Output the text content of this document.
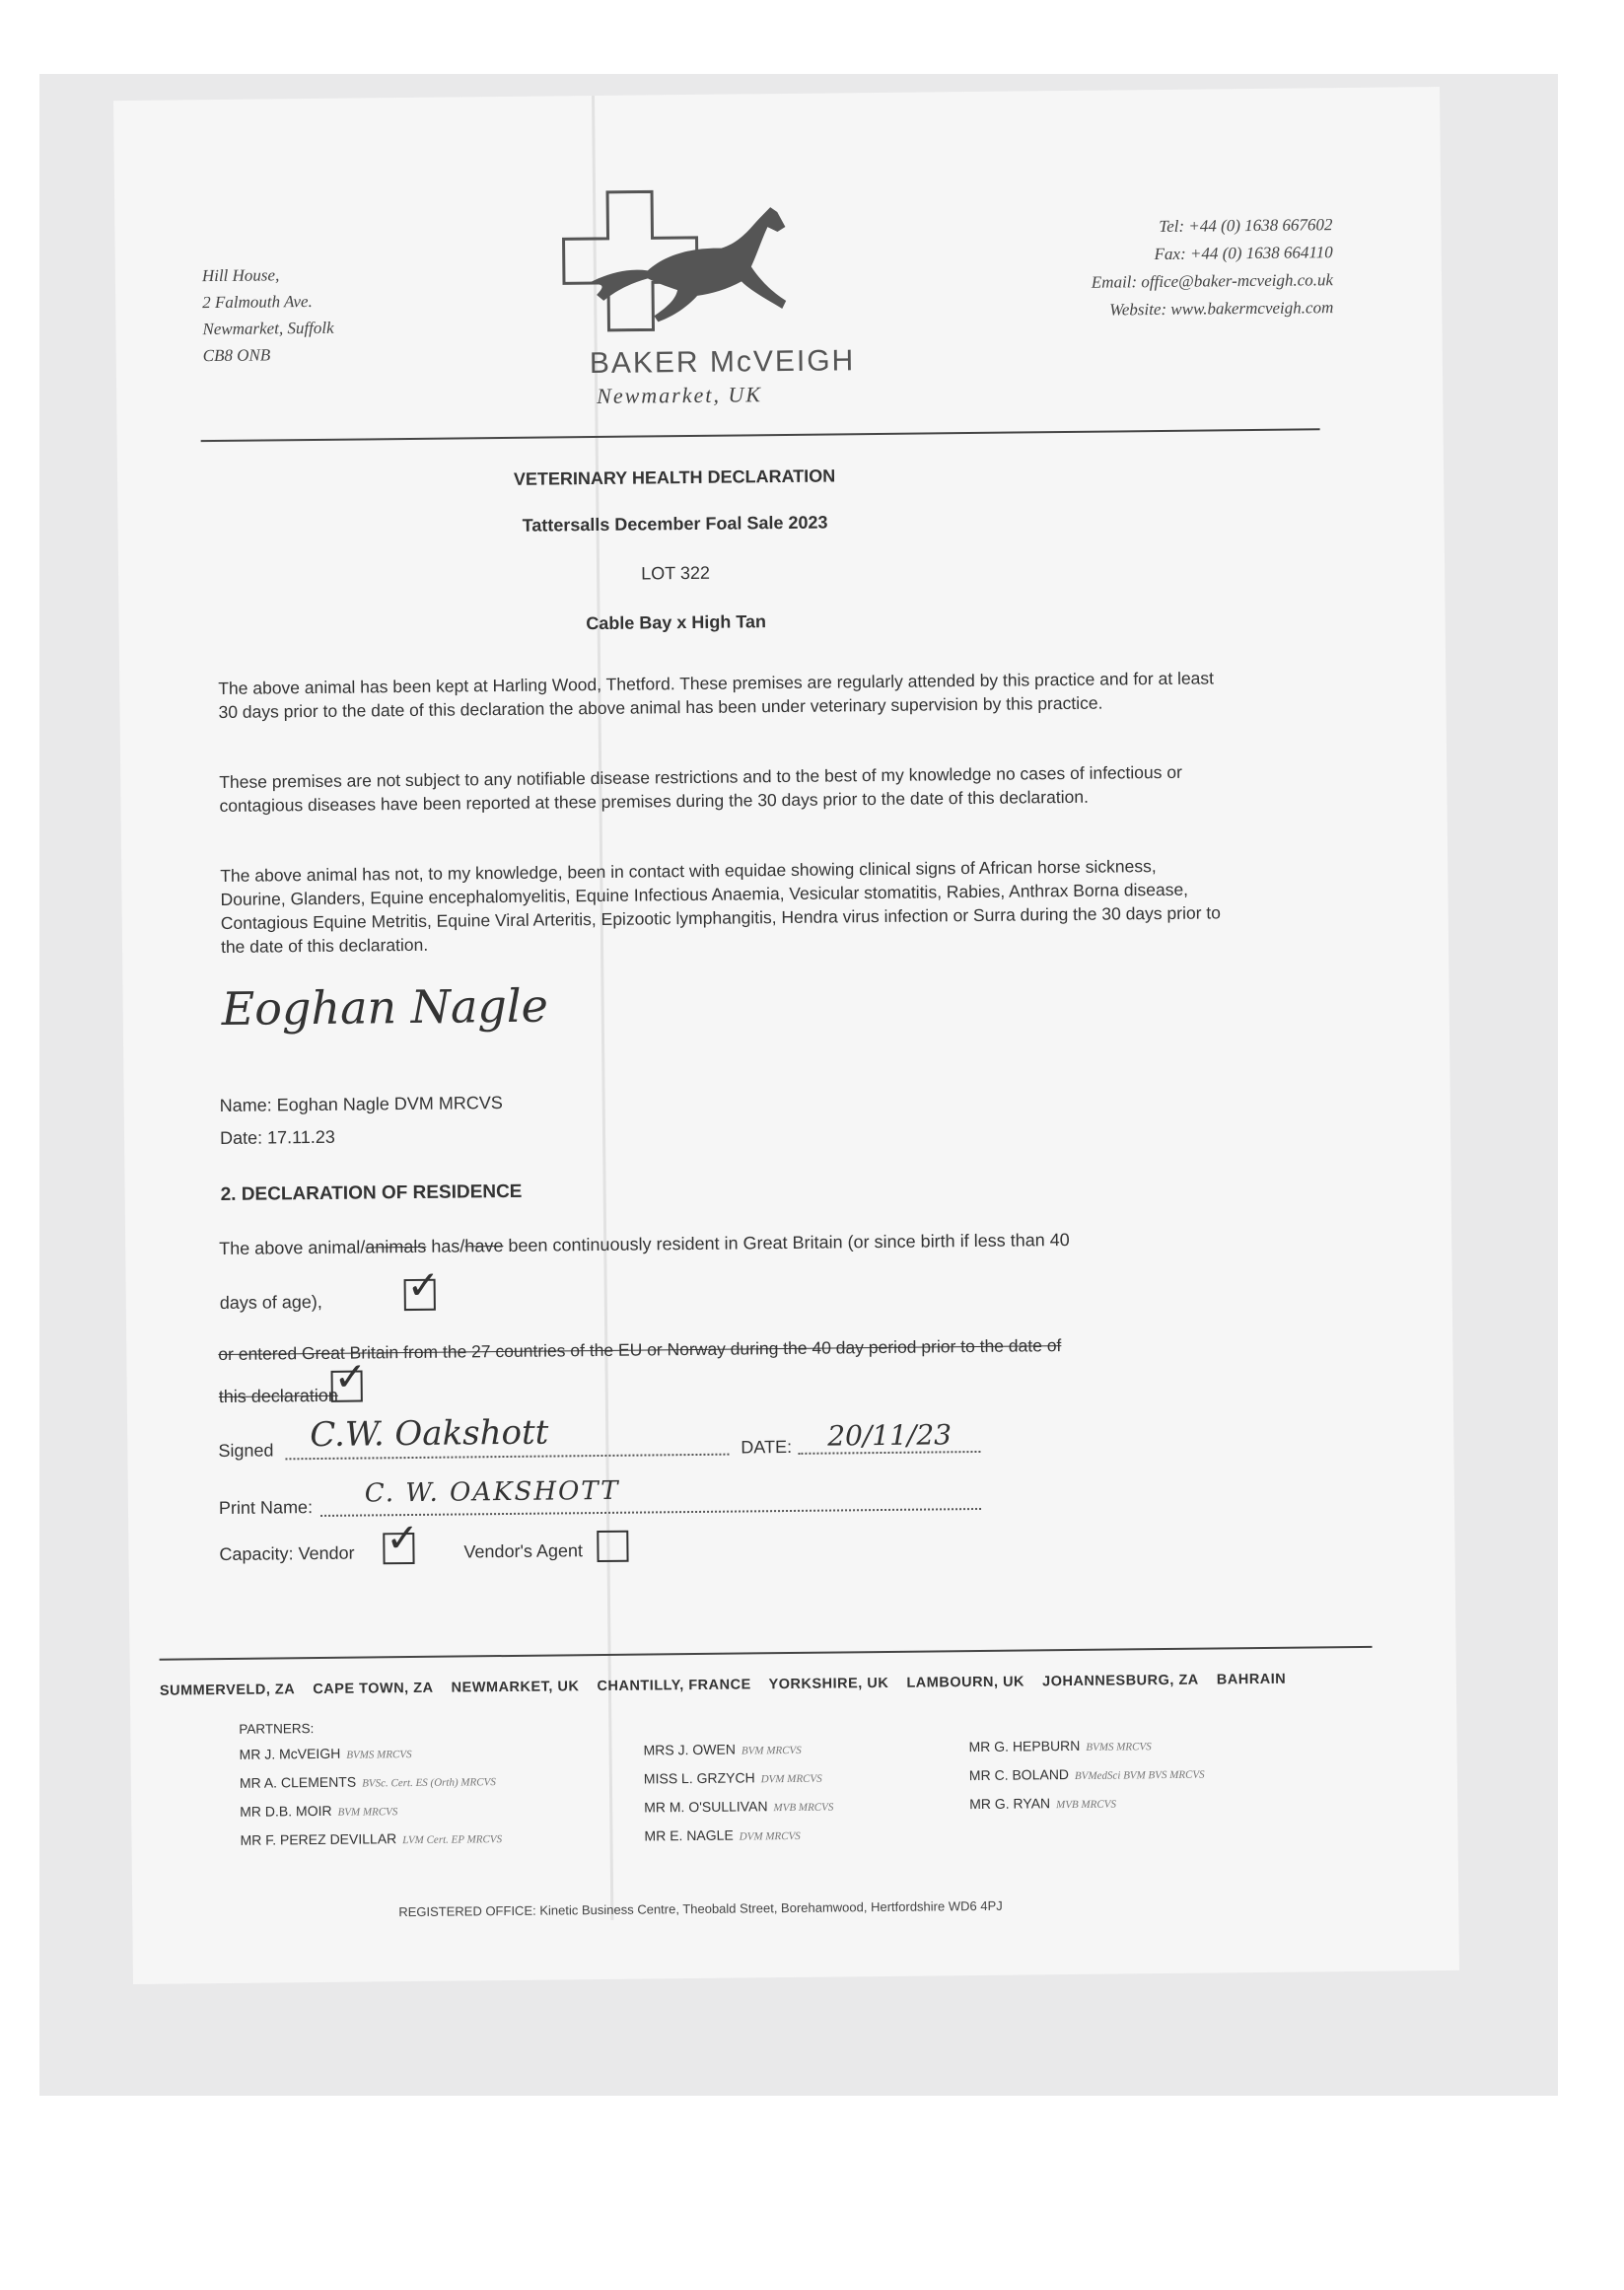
Hill House,
2 Falmouth Ave.
Newmarket, Suffolk
CB8 ONB	BAKER McVEIGH
Newmarket, UK
Tel: +44 (0) 1638 667602
Fax: +44 (0) 1638 664110
Email: office@baker-mcveigh.co.uk
Website: www.bakermcveigh.com
VETERINARY HEALTH DECLARATION
Tattersalls December Foal Sale 2023
LOT 322
Cable Bay x High Tan
The above animal has been kept at Harling Wood, Thetford. These premises are regularly attended by this practice and for at least 30 days prior to the date of this declaration the above animal has been under veterinary supervision by this practice.
These premises are not subject to any notifiable disease restrictions and to the best of my knowledge no cases of infectious or contagious diseases have been reported at these premises during the 30 days prior to the date of this declaration.
The above animal has not, to my knowledge, been in contact with equidae showing clinical signs of African horse sickness, Dourine, Glanders, Equine encephalomyelitis, Equine Infectious Anaemia, Vesicular stomatitis, Rabies, Anthrax Borna disease, Contagious Equine Metritis, Equine Viral Arteritis, Epizootic lymphangitis, Hendra virus infection or Surra during the 30 days prior to the date of this declaration.
Eoghan Nagle
Name: Eoghan Nagle DVM MRCVS
Date: 17.11.23
2. DECLARATION OF RESIDENCE
The above animal/animals has/have been continuously resident in Great Britain (or since birth if less than 40
days of age), ✓
or entered Great Britain from the 27 countries of the EU or Norway during the 40 day period prior to the date of
this declaration
✓
Signed C.W. Oakshott	DATE: 20/11/23
Print Name: C. W. OAKSHOTT
Capacity: Vendor ✓	Vendor's Agent
SUMMERVELD, ZA CAPE TOWN, ZA NEWMARKET, UK CHANTILLY, FRANCE YORKSHIRE, UK LAMBOURN, UK JOHANNESBURG, ZA BAHRAIN
PARTNERS:
MR J. McVEIGH BVMS MRCVS
MR A. CLEMENTS BVSc. Cert. ES (Orth) MRCVS
MR D.B. MOIR BVM MRCVS
MR F. PEREZ DEVILLAR LVM Cert. EP MRCVS
MRS J. OWEN BVM MRCVS
MISS L. GRZYCH DVM MRCVS
MR M. O'SULLIVAN MVB MRCVS
MR E. NAGLE DVM MRCVS
MR G. HEPBURN BVMS MRCVS
MR C. BOLAND BVMedSci BVM BVS MRCVS
MR G. RYAN MVB MRCVS
REGISTERED OFFICE: Kinetic Business Centre, Theobald Street, Borehamwood, Hertfordshire WD6 4PJ
